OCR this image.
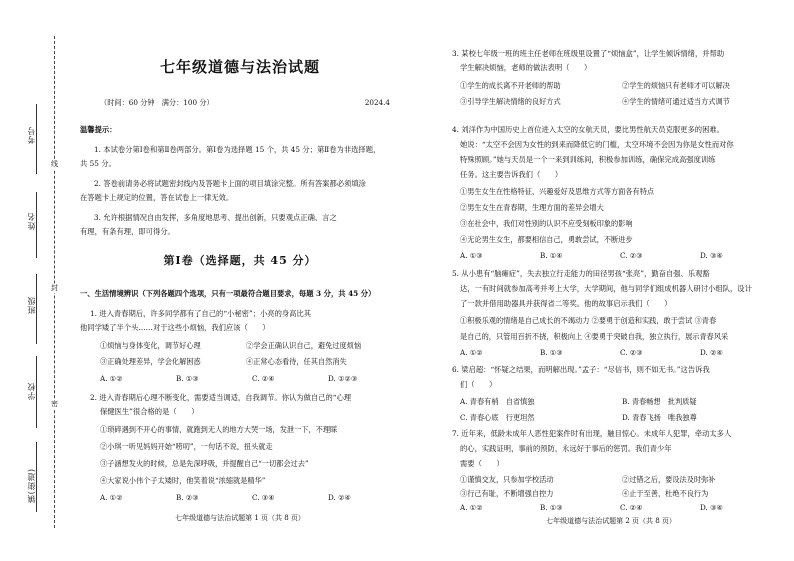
线
封
密
考号
姓名
班级
学校
镇(街道)
七年级道德与法治试题
（时间：60 分钟　满分：100 分）	2024.4
温馨提示：
1. 本试卷分第Ⅰ卷和第Ⅱ卷两部分。第Ⅰ卷为选择题 15 个，共 45 分；第Ⅱ卷为非选择题，
共 55 分。
2. 答卷前请务必将试题密封线内及答题卡上面的项目填涂完整。所有答案都必须填涂
在答题卡上规定的位置，答在试卷上一律无效。
3. 允许根据情况自由发挥，多角度地思考、提出创新，只要观点正确、言之
有理，有条有理，即可得分。
第Ⅰ卷（选择题，共 45 分）
一、生活情境辨识（下列各题四个选项，只有一项最符合题目要求，每题 3 分，共 45 分）
1. 进入青春期后，许多同学都有了自己的“小秘密”；小亮的身高比其
他同学矮了半个头……对于这些小烦恼，我们应该（　　）
①烦恼与身体变化，调节好心理	②学会正确认识自己，避免过度烦恼
③正确处理差异，学会化解困惑	④正常心态看待，任其自然消失
A. ①②	B. ①③	C. ②④	D. ①②③
2. 进入青春期后心理不断变化，需要适当调适，自我调节。你认为做自己的“心理
保健医生”很合格的是（　　）
①琐碎遇到不开心的事情，就跑到无人的地方大哭一场，发泄一下，不理睬
②小琪一听见妈妈开始“唠叨”，一句话不说，扭头就走
③子涵想发火的时候，总是先深呼吸，并提醒自己“一切都会过去”
④大家说小伟个子太矮时，他笑着说“浓缩就是精华”
A. ①②	B. ②③	C. ③④	D. ②④
七年级道德与法治试题第 1 页（共 8 页）
3. 某校七年级一班的班主任老师在班级里设置了“烦恼盒”，让学生倾诉情绪，并帮助
学生解决烦恼，老师的做法表明（　　）
①学生的成长离不开老师的帮助	②学生的烦恼只有老师才可以解决
③引导学生解决情绪的良好方式	④学生的情绪可通过适当方式调节
4. 刘洋作为中国历史上首位进入太空的女航天员，要比男性航天员克服更多的困难。
她说：“太空不会因为女性的到来而降低它的门槛，太空环境不会因为你是女性而对你
特殊照顾。”她与天员是一个一来到训练间，积极参加训练，确保完成高强度训练
任务。这主要告诉我们（　　）
①男生女生在性格特征、兴趣爱好及思维方式等方面各有特点
②男生女生在青春期，生理方面的差异会增大
③在社会中，我们对性别的认识不应受刻板印象的影响
④无论男生女生，都要相信自己，勇敢尝试，不断进步
A. ①③	B. ①④	C. ②③	D. ③④
5. 从小患有“脑瘫症”，失去独立行走能力的田径男孩“张亮”，勤奋自强、乐观豁
达，一有时间就参加高考并考上大学，大学期间，他与同学们组成机器人研讨小组队，设计
了一款并借用助器具并获得省二等奖。他的故事启示我们（　　）
①积极乐观的情绪是自己成长的不竭动力 ②要勇于创造和实践，敢于尝试 ③青春
是自己的，只管用百折不挠，积极向上 ④要勇于突破自我，独立执行，展示青春风采
A. ①②	B. ①③	C. ②③	D. ②④
6. 梁启超：“怀疑之结果，而明解出现。”孟子：“尽信书，则不如无书。”这告诉我
们（　　）
A. 青春有梢　自省慎独	B. 青春畅想　批判质疑
C. 青春心底　行更坦然	D. 青春飞扬　唯我独尊
7. 近年来，低龄未成年人恶性犯案件时有出现，触目惊心。未成年人犯罪，牵动太多人
的心，实践证明，事前的预防，永远好于事后的惩罚。我们青少年
需要（　　）
①谨慎交友，只参加学校活动	②过错之后，要设法及时弥补
③行己有耻，不断增强自控力	④止于至善，杜绝不良行为
A. ①②	B. ①③	C. ②④	D. ③④
七年级道德与法治试题第 2 页（共 8 页）
